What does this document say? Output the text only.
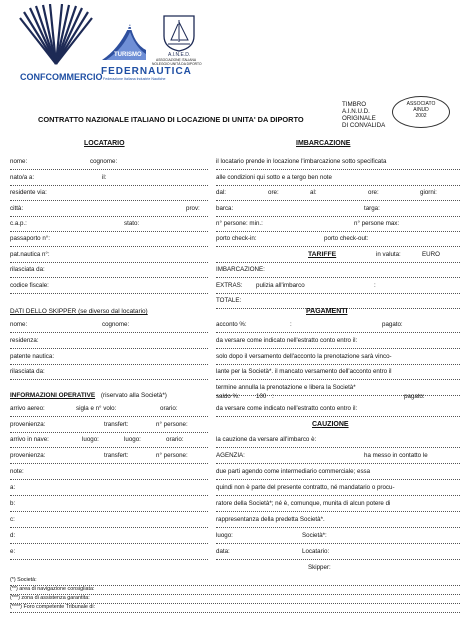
CONFCOMMERCIO
CONE
TURISMO	A.I.N.E.D.
ASSOCIAZIONE ITALIANA
NOLEGGIO UNITÀ DA DIPORTO
FEDERNAUTICA
Federazione Italiana Industrie Nautiche
TIMBRO
A.I.N.U.D.
ORIGINALE
DI CONVALIDA
ASSOCIATO
AINUD
2002
CONTRATTO NAZIONALE ITALIANO DI LOCAZIONE DI UNITA' DA DIPORTO
LOCATARIO
nome:	cognome:
nato/a a:	il:
residente via:
città:	prov:
c.a.p.:	stato:
passaporto n°:
pat.nautica n°:
rilasciata da:
codice fiscale:
DATI DELLO SKIPPER (se diverso dal locatario)
nome:	cognome:
residenza:
patente nautica:
rilasciata da:
INFORMAZIONI OPERATIVE (riservato alla Società*)
arrivo aereo:	sigla e n° volo:	orario:
provenienza:	transfert:	n° persone:
arrivo in nave:	luogo:	luogo:	orario:
provenienza:	transfert:	n° persone:
note:
a:
b:
c:
d:
e:
IMBARCAZIONE
il locatario prende in locazione l'imbarcazione sotto specificata
alle condizioni qui sotto e a tergo ben note
dal:	ore:	al:	ore:	giorni:
barca:	targa:
n° persone: min.:	n° persone max:
porto check-in:	porto check-out:
TARIFFE	in valuta:	EURO
IMBARCAZIONE:
EXTRAS: pulizia all'imbarco	:
TOTALE:
PAGAMENTI
acconto %:	:	pagato:
da versare come indicato nell'estratto conto entro il:
solo dopo il versamento dell'acconto la prenotazione sarà vinco-
lante per la Società*. il mancato versamento dell'acconto entro il
termine annulla la prenotazione e libera la Società*
saldo %:	100 :	pagato:
da versare come indicato nell'estratto conto entro il:
CAUZIONE
la cauzione da versare all'imbarco è:
AGENZIA:	ha messo in contatto le
due parti agendo come intermediario commerciale; essa
quindi non è parte del presente contratto, né mandatario o procu-
ratore della Società*; né è, comunque, munita di alcun potere di
rappresentanza della predetta Società*.
luogo:	Società*:
data:	Locatario:
Skipper:
(*) Società:
(**) area di navigazione consigliata:
(***) zona di assistenza garantita:
(****) Foro competente Tribunale di:
